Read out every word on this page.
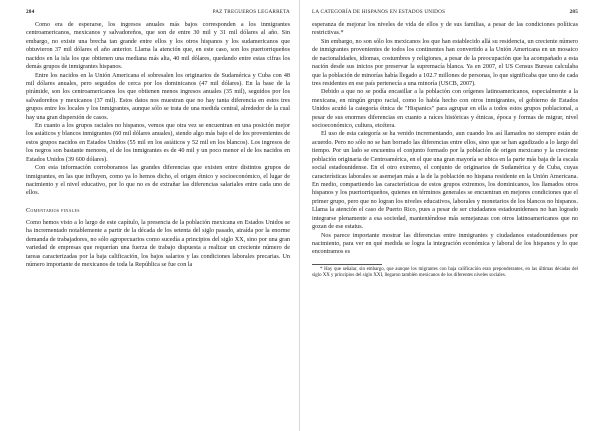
284	PAZ TREGUEROS LEGARRETA

Como era de esperarse, los ingresos anuales más bajos corresponden a los inmigrantes centroamericanos, mexicanos y salvadoreños, que son de entre 30 mil y 31 mil dólares al año. Sin embargo, no existe una brecha tan grande entre ellos y los otros hispanos y los sudamericanos que obtuvieron 37 mil dólares el año anterior. Llama la atención que, en este caso, son los puertorriqueños nacidos en la isla los que obtienen una mediana más alta, 40 mil dólares, quedando entre estas cifras los demás grupos de inmigrantes hispanos.

Entre los nacidos en la Unión Americana el sobresalen los originarios de Sudamérica y Cuba con 48 mil dólares anuales, pero seguidos de cerca por los dominicanos (47 mil dólares). En la base de la pirámide, son los centroamericanos los que obtienen menos ingresos anuales (35 mil), seguidos por los salvadoreños y mexicanos (37 mil). Estos datos nos muestran que no hay tanta diferencia en estos tres grupos entre los locales y los inmigrantes, aunque sólo se trata de una medida central, alrededor de la cual hay una gran dispersión de casos.

En cuanto a los grupos raciales no hispanos, vemos que otra vez se encuentran en una posición mejor los asiáticos y blancos inmigrantes (60 mil dólares anuales), siendo algo más bajo el de los provenientes de estos grupos nacidos en Estados Unidos (55 mil en los asiáticos y 52 mil en los blancos). Los ingresos de los negros son bastante menores, el de los inmigrantes es de 40 mil y un poco menor el de los nacidos en Estados Unidos (39 600 dólares).

Con esta información corroboramos las grandes diferencias que existen entre distintos grupos de inmigrantes, en las que influyen, como ya lo hemos dicho, el origen étnico y socioeconómico, el lugar de nacimiento y el nivel educativo, por lo que no es de extrañar las diferencias salariales entre cada uno de ellos.

Comentarios finales

Como hemos visto a lo largo de este capítulo, la presencia de la población mexicana en Estados Unidos se ha incrementado notablemente a partir de la década de los setenta del siglo pasado, atraída por la enorme demanda de trabajadores, no sólo agropecuarios como sucedía a principios del siglo XX, sino por una gran variedad de empresas que requerían una fuerza de trabajo dispuesta a realizar un creciente número de tareas caracterizadas por la baja calificación, los bajos salarios y las condiciones laborales precarias. Un número importante de mexicanos de toda la República se fue con la

LA CATEGORÍA DE HISPANOS EN ESTADOS UNIDOS	285

esperanza de mejorar los niveles de vida de ellos y de sus familias, a pesar de las condiciones políticas restrictivas.*

Sin embargo, no son sólo los mexicanos los que han establecido allá su residencia, un creciente número de inmigrantes provenientes de todos los continentes han convertido a la Unión Americana en un mosaico de nacionalidades, idiomas, costumbres y religiones, a pesar de la preocupación que ha acompañado a esta nación desde sus inicios por preservar la supremacía blanca. Ya en 2007, el US Census Bureau calculaba que la población de minorías había llegado a 102.7 millones de personas, lo que significaba que uno de cada tres residentes en ese país pertenecía a una minoría (USCB, 2007).

Debido a que no se podía encasillar a la población con orígenes latinoamericanos, especialmente a la mexicana, en ningún grupo racial, como lo había hecho con otros inmigrantes, el gobierno de Estados Unidos acuñó la categoría étnica de "Hispanics" para agrupar en ella a todos estos grupos poblacional, a pesar de sus enormes diferencias en cuanto a raíces históricas y étnicas, época y formas de migrar, nivel socioeconómico, cultura, etcétera.

El uso de esta categoría se ha venido incrementando, aun cuando los así llamados no siempre están de acuerdo. Pero no sólo no se han borrado las diferencias entre ellos, sino que se han agudizado a lo largo del tiempo. Por un lado se encuentra el conjunto formado por la población de origen mexicano y la creciente población originaria de Centroamérica, en el que una gran mayoría se ubica en la parte más baja de la escala social estadounidense. En el otro extremo, el conjunto de originarios de Sudamérica y de Cuba, cuyas características laborales se asemejan más a la de la población no hispana residente en la Unión Americana. En medio, compartiendo las características de estos grupos extremos, los dominicanos, los llamados otros hispanos y los puertorriqueños, quienes en términos generales se encuentran en mejores condiciones que el primer grupo, pero que no logran los niveles educativos, laborales y monetarios de los blancos no hispanos. Llama la atención el caso de Puerto Rico, pues a pesar de ser ciudadanos estadounidenses no han logrado integrarse plenamente a esa sociedad, manteniéndose más semejanzas con otros latinoamericanos que no gozan de ese estatus.

Nos parece importante mostrar las diferencias entre inmigrantes y ciudadanos estadounidenses por nacimiento, para ver en qué medida se logra la integración económica y laboral de los hispanos y lo que encontramos es

* Hay que señalar, sin embargo, que aunque los migrantes con baja calificación eran preponderantes, en las últimas décadas del siglo XX y principios del siglo XXI, llegaron también mexicanos de los diferentes niveles sociales.
